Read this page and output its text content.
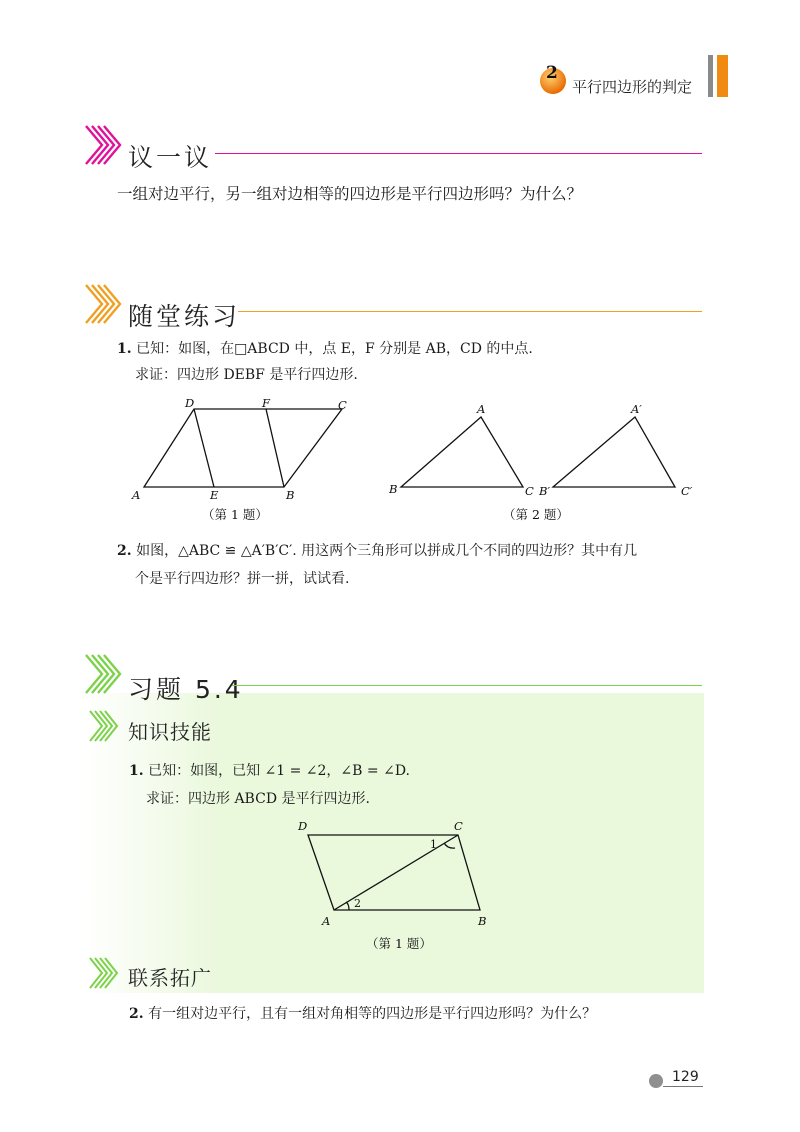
2
平行四边形的判定
议一议
一组对边平行，另一组对边相等的四边形是平行四边形吗？为什么？
随堂练习
1. 已知：如图，在□ABCD 中，点 E，F 分别是 AB，CD 的中点.
求证：四边形 DEBF 是平行四边形.
A	E	B
D	F	C
（第 1 题）
A
B	C
A′
B′	C′
（第 2 题）
2. 如图，△ABC ≌ △A′B′C′. 用这两个三角形可以拼成几个不同的四边形？其中有几
个是平行四边形？拼一拼，试试看.
习题 5.4
知识技能
1. 已知：如图，已知 ∠1 = ∠2，∠B = ∠D.
求证：四边形 ABCD 是平行四边形.
D	C
A	B
1
2
（第 1 题）
联系拓广
2. 有一组对边平行，且有一组对角相等的四边形是平行四边形吗？为什么？
129
